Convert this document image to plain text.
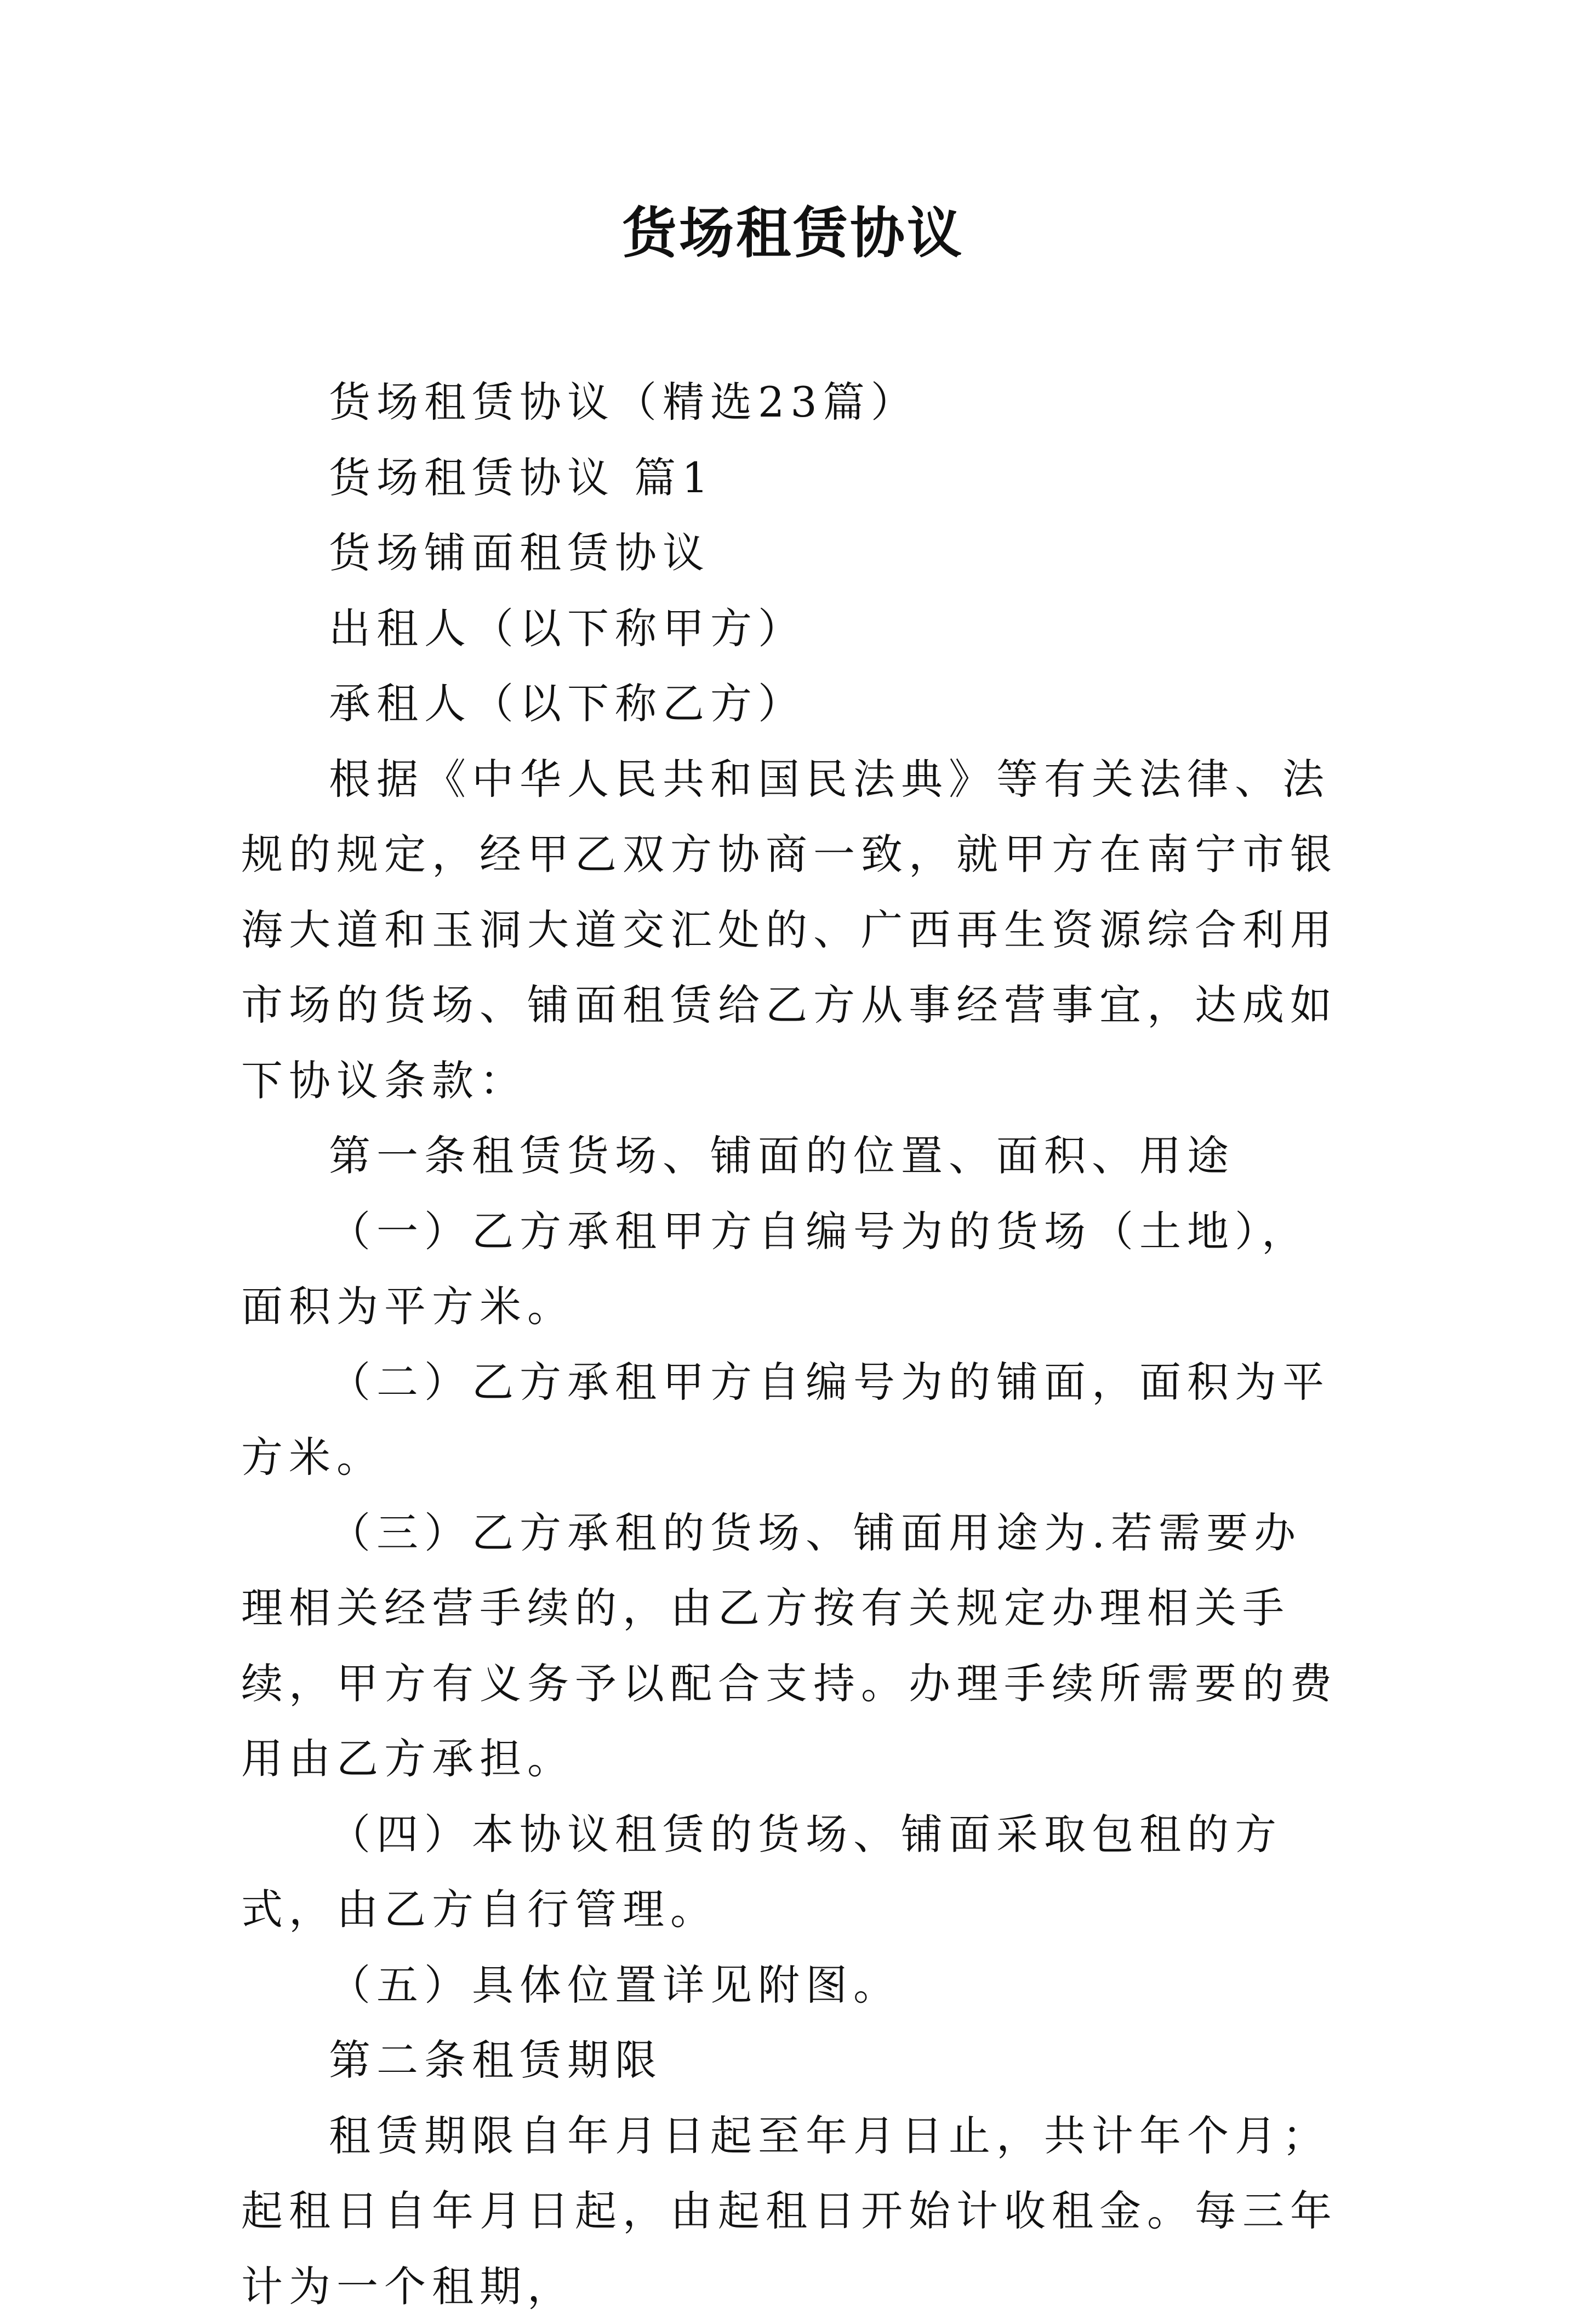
货场租赁协议

货场租赁协议（精选23篇）

货场租赁协议 篇1

货场铺面租赁协议

出租人（以下称甲方）

承租人（以下称乙方）

根据《中华人民共和国民法典》等有关法律、法规的规定，经甲乙双方协商一致，就甲方在南宁市银海大道和玉洞大道交汇处的、广西再生资源综合利用市场的货场、铺面租赁给乙方从事经营事宜，达成如下协议条款：

第一条租赁货场、铺面的位置、面积、用途

（一）乙方承租甲方自编号为的货场（土地），面积为平方米。

（二）乙方承租甲方自编号为的铺面，面积为平方米。

（三）乙方承租的货场、铺面用途为.若需要办理相关经营手续的，由乙方按有关规定办理相关手续，甲方有义务予以配合支持。办理手续所需要的费用由乙方承担。

（四）本协议租赁的货场、铺面采取包租的方式，由乙方自行管理。

（五）具体位置详见附图。

第二条租赁期限

租赁期限自年月日起至年月日止，共计年个月；起租日自年月日起，由起租日开始计收租金。每三年计为一个租期，
